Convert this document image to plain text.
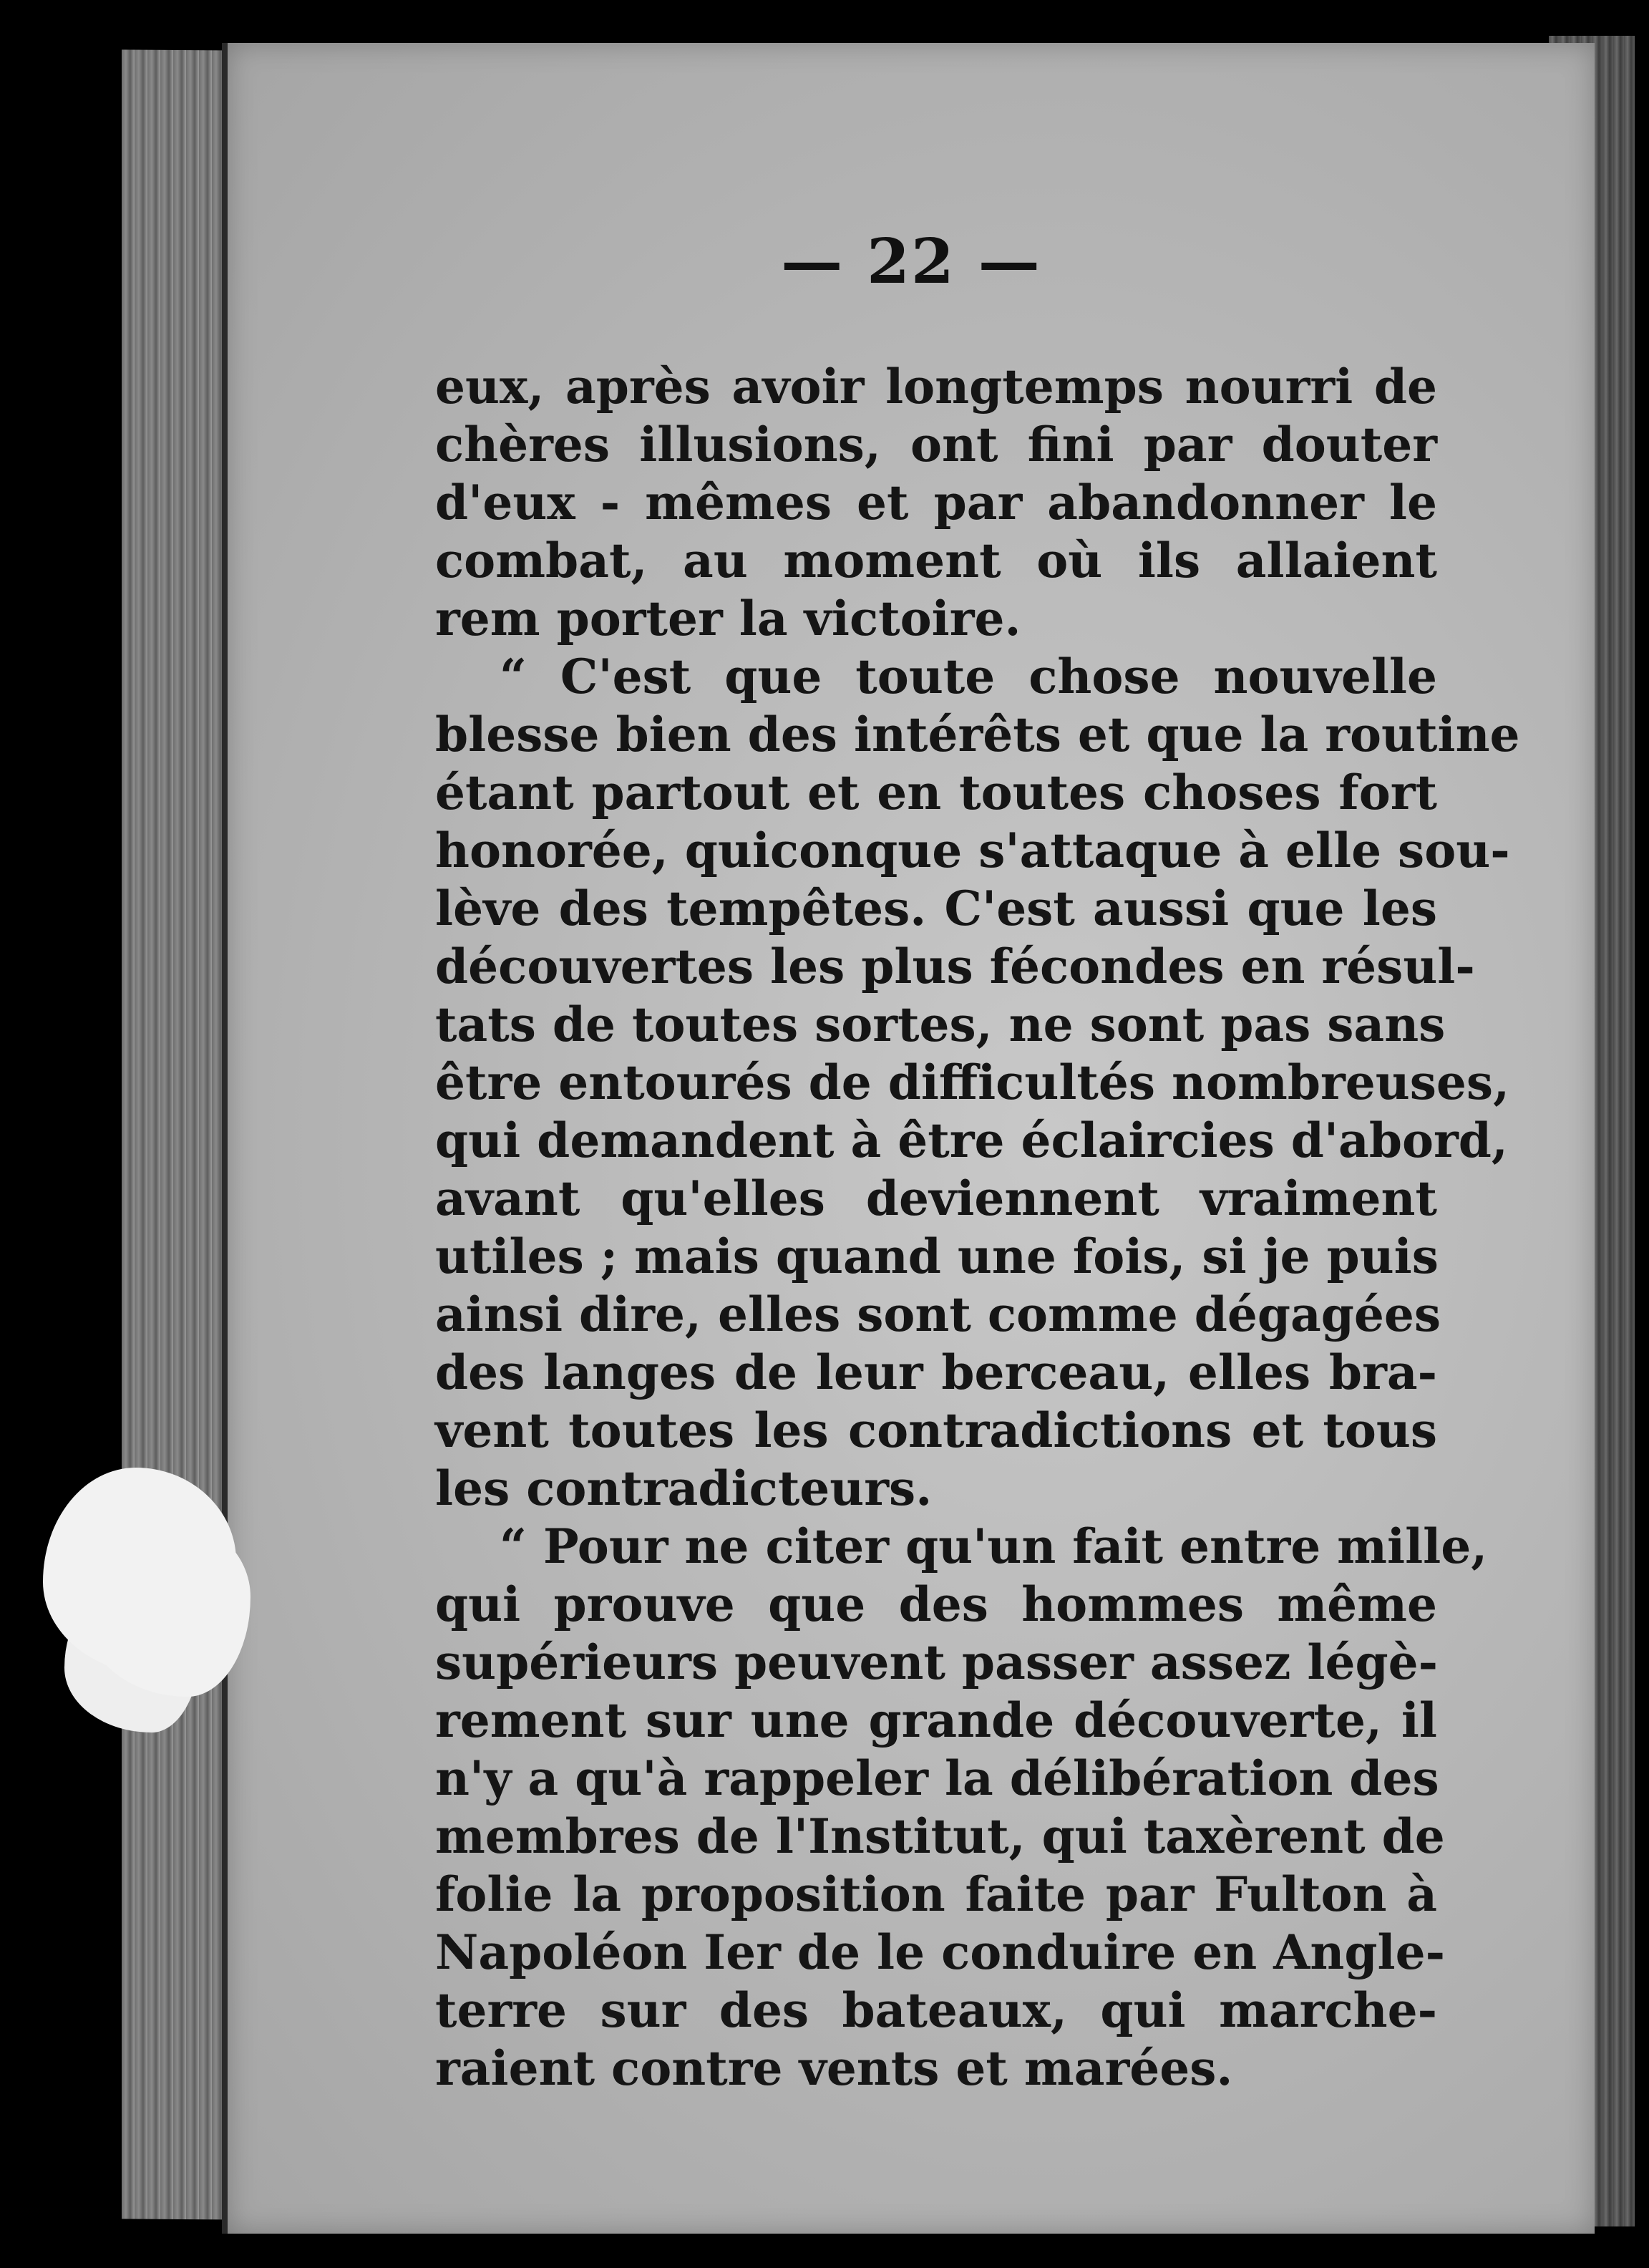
— 22 —
eux, après avoir longtemps nourri de
chères illusions, ont fini par douter
d'eux - mêmes et par abandonner le
combat, au moment où ils allaient
rem porter la victoire.
“ C'est que toute chose nouvelle
blesse bien des intérêts et que la routine
étant partout et en toutes choses fort
honorée, quiconque s'attaque à elle sou-
lève des tempêtes. C'est aussi que les
découvertes les plus fécondes en résul-
tats de toutes sortes, ne sont pas sans
être entourés de difficultés nombreuses,
qui demandent à être éclaircies d'abord,
avant qu'elles deviennent vraiment
utiles ; mais quand une fois, si je puis
ainsi dire, elles sont comme dégagées
des langes de leur berceau, elles bra-
vent toutes les contradictions et tous
les contradicteurs.
“ Pour ne citer qu'un fait entre mille,
qui prouve que des hommes même
supérieurs peuvent passer assez légè-
rement sur une grande découverte, il
n'y a qu'à rappeler la délibération des
membres de l'Institut, qui taxèrent de
folie la proposition faite par Fulton à
Napoléon Ier de le conduire en Angle-
terre sur des bateaux, qui marche-
raient contre vents et marées.
